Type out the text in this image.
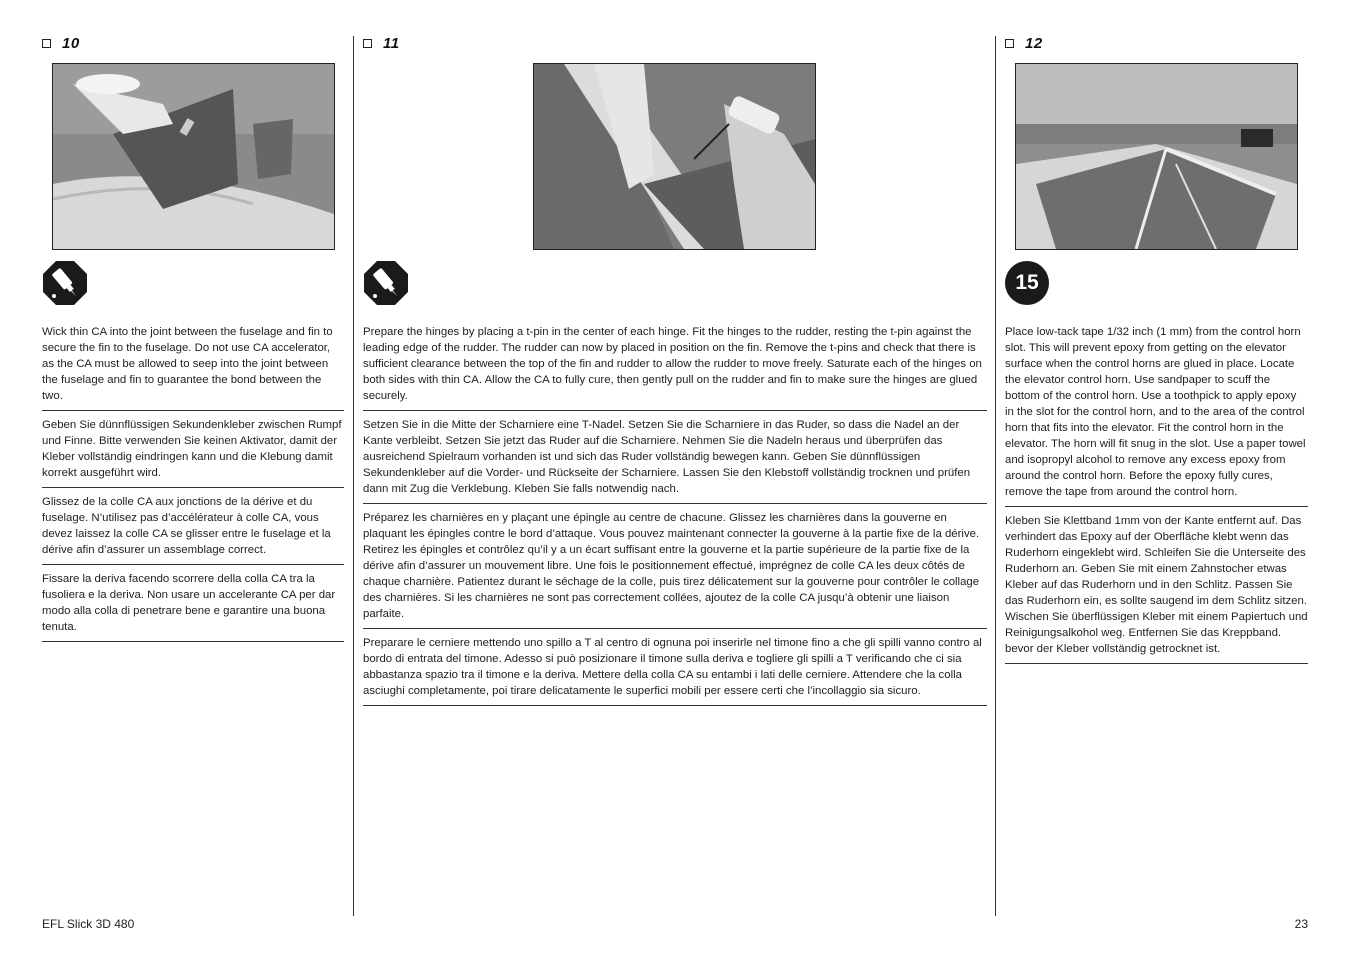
10

Wick thin CA into the joint between the fuselage and fin to secure the fin to the fuselage. Do not use CA accelerator, as the CA must be allowed to seep into the joint between the fuselage and fin to guarantee the bond between the two.

Geben Sie dünnflüssigen Sekundenkleber zwischen Rumpf und Finne. Bitte verwenden Sie keinen Aktivator, damit der Kleber vollständig eindringen kann und die Klebung damit korrekt ausgeführt wird.

Glissez de la colle CA aux jonctions de la dérive et du fuselage. N’utilisez pas d’accélérateur à colle CA, vous devez laissez la colle CA se glisser entre le fuselage et la dérive afin d’assurer un assemblage correct.

Fissare la deriva facendo scorrere della colla CA tra la fusoliera e la deriva. Non usare un accelerante CA per dar modo alla colla di penetrare bene e garantire una buona tenuta.

11

Prepare the hinges by placing a t-pin in the center of each hinge. Fit the hinges to the rudder, resting the t-pin against the leading edge of the rudder. The rudder can now by placed in position on the fin. Remove the t-pins and check that there is sufficient clearance between the top of the fin and rudder to allow the rudder to move freely. Saturate each of the hinges on both sides with thin CA. Allow the CA to fully cure, then gently pull on the rudder and fin to make sure the hinges are glued securely.

Setzen Sie in die Mitte der Scharniere eine T-Nadel. Setzen Sie die Scharniere in das Ruder, so dass die Nadel an der Kante verbleibt. Setzen Sie jetzt das Ruder auf die Scharniere. Nehmen Sie die Nadeln heraus und überprüfen das ausreichend Spielraum vorhanden ist und sich das Ruder vollständig bewegen kann. Geben Sie dünnflüssigen Sekundenkleber auf die Vorder- und Rückseite der Scharniere. Lassen Sie den Klebstoff vollständig trocknen und prüfen dann mit Zug die Verklebung. Kleben Sie falls notwendig nach.

Préparez les charnières en y plaçant une épingle au centre de chacune. Glissez les charnières dans la gouverne en plaquant les épingles contre le bord d’attaque. Vous pouvez maintenant connecter la gouverne à la partie fixe de la dérive. Retirez les épingles et contrôlez qu’il y a un écart suffisant entre la gouverne et la partie supérieure de la partie fixe de la dérive afin d’assurer un mouvement libre. Une fois le positionnement effectué, imprégnez de colle CA les deux côtés de chaque charnière. Patientez durant le séchage de la colle, puis tirez délicatement sur la gouverne pour contrôler le collage des charnières. Si les charnières ne sont pas correctement collées, ajoutez de la colle CA jusqu’à obtenir une liaison parfaite.

Preparare le cerniere mettendo uno spillo a T al centro di ognuna poi inserirle nel timone fino a che gli spilli vanno contro al bordo di entrata del timone. Adesso si può posizionare il timone sulla deriva e togliere gli spilli a T verificando che ci sia abbastanza spazio tra il timone e la deriva. Mettere della colla CA su entambi i lati delle cerniere. Attendere che la colla asciughi completamente, poi tirare delicatamente le superfici mobili per essere certi che l’incollaggio sia sicuro.

12
15

Place low-tack tape 1/32 inch (1 mm) from the control horn slot. This will prevent epoxy from getting on the elevator surface when the control horns are glued in place. Locate the elevator control horn. Use sandpaper to scuff the bottom of the control horn. Use a toothpick to apply epoxy in the slot for the control horn, and to the area of the control horn that fits into the elevator. Fit the control horn in the elevator. The horn will fit snug in the slot. Use a paper towel and isopropyl alcohol to remove any excess epoxy from around the control horn. Before the epoxy fully cures, remove the tape from around the control horn.

Kleben Sie Klettband 1mm von der Kante entfernt auf. Das verhindert das Epoxy auf der Oberfläche klebt wenn das Ruderhorn eingeklebt wird. Schleifen Sie die Unterseite des Ruderhorn an. Geben Sie mit einem Zahnstocher etwas Kleber auf das Ruderhorn und in den Schlitz. Passen Sie das Ruderhorn ein, es sollte saugend im dem Schlitz sitzen. Wischen Sie überflüssigen Kleber mit einem Papiertuch und Reinigungsalkohol weg. Entfernen Sie das Kreppband. bevor der Kleber vollständig getrocknet ist.

EFL Slick 3D 480	23
